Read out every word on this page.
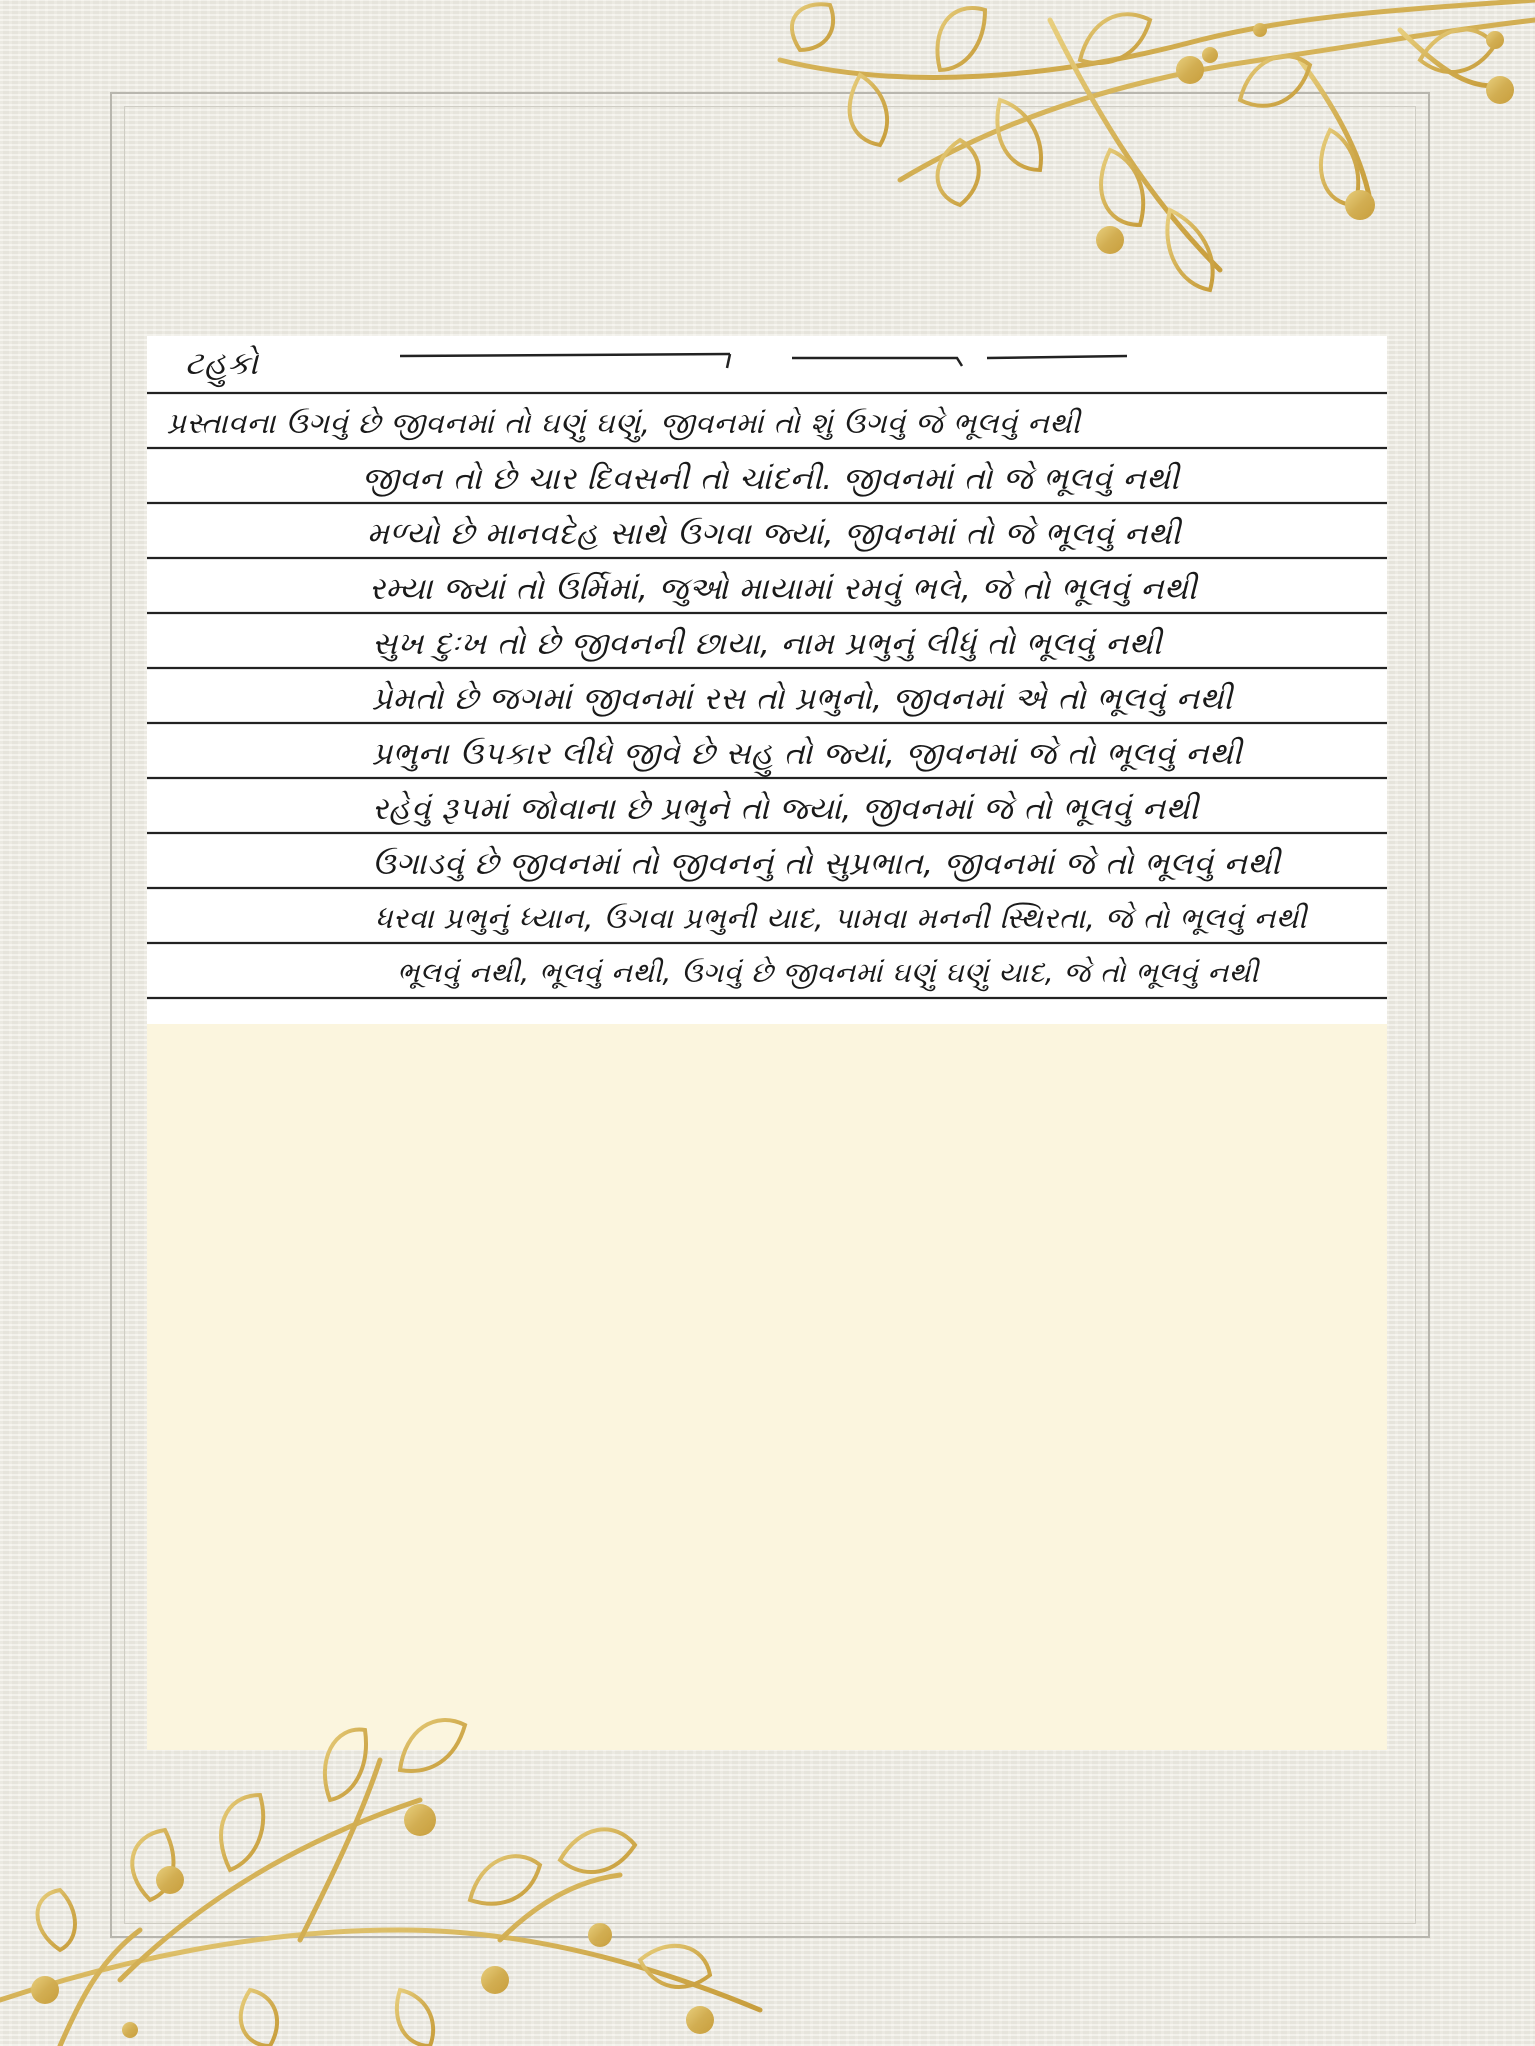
ટહુકો
પ્રસ્તાવના ઉગવું છે જીવનમાં તો ઘણું ઘણું, જીવનમાં તો શું ઉગવું જે ભૂલવું નથી
જીવન તો છે ચાર દિવસની તો ચાંદની. જીવનમાં તો જે ભૂલવું નથી
મળ્યો છે માનવદેહ સાથે ઉગવા જ્યાં, જીવનમાં તો જે ભૂલવું નથી
રમ્યા જ્યાં તો ઉર્મિમાં, જુઓ માયામાં રમવું ભલે, જે તો ભૂલવું નથી
સુખ દુઃખ તો છે જીવનની છાયા, નામ પ્રભુનું લીધું તો ભૂલવું નથી
પ્રેમતો છે જગમાં જીવનમાં રસ તો પ્રભુનો, જીવનમાં એ તો ભૂલવું નથી
પ્રભુના ઉપકાર લીધે જીવે છે સહુ તો જ્યાં, જીવનમાં જે તો ભૂલવું નથી
રહેવું રૂપમાં જોવાના છે પ્રભુને તો જ્યાં, જીવનમાં જે તો ભૂલવું નથી
ઉગાડવું છે જીવનમાં તો જીવનનું તો સુપ્રભાત, જીવનમાં જે તો ભૂલવું નથી
ધરવા પ્રભુનું ધ્યાન, ઉગવા પ્રભુની યાદ, પામવા મનની સ્થિરતા, જે તો ભૂલવું નથી
ભૂલવું નથી, ભૂલવું નથી, ઉગવું છે જીવનમાં ઘણું ઘણું યાદ, જે તો ભૂલવું નથી
